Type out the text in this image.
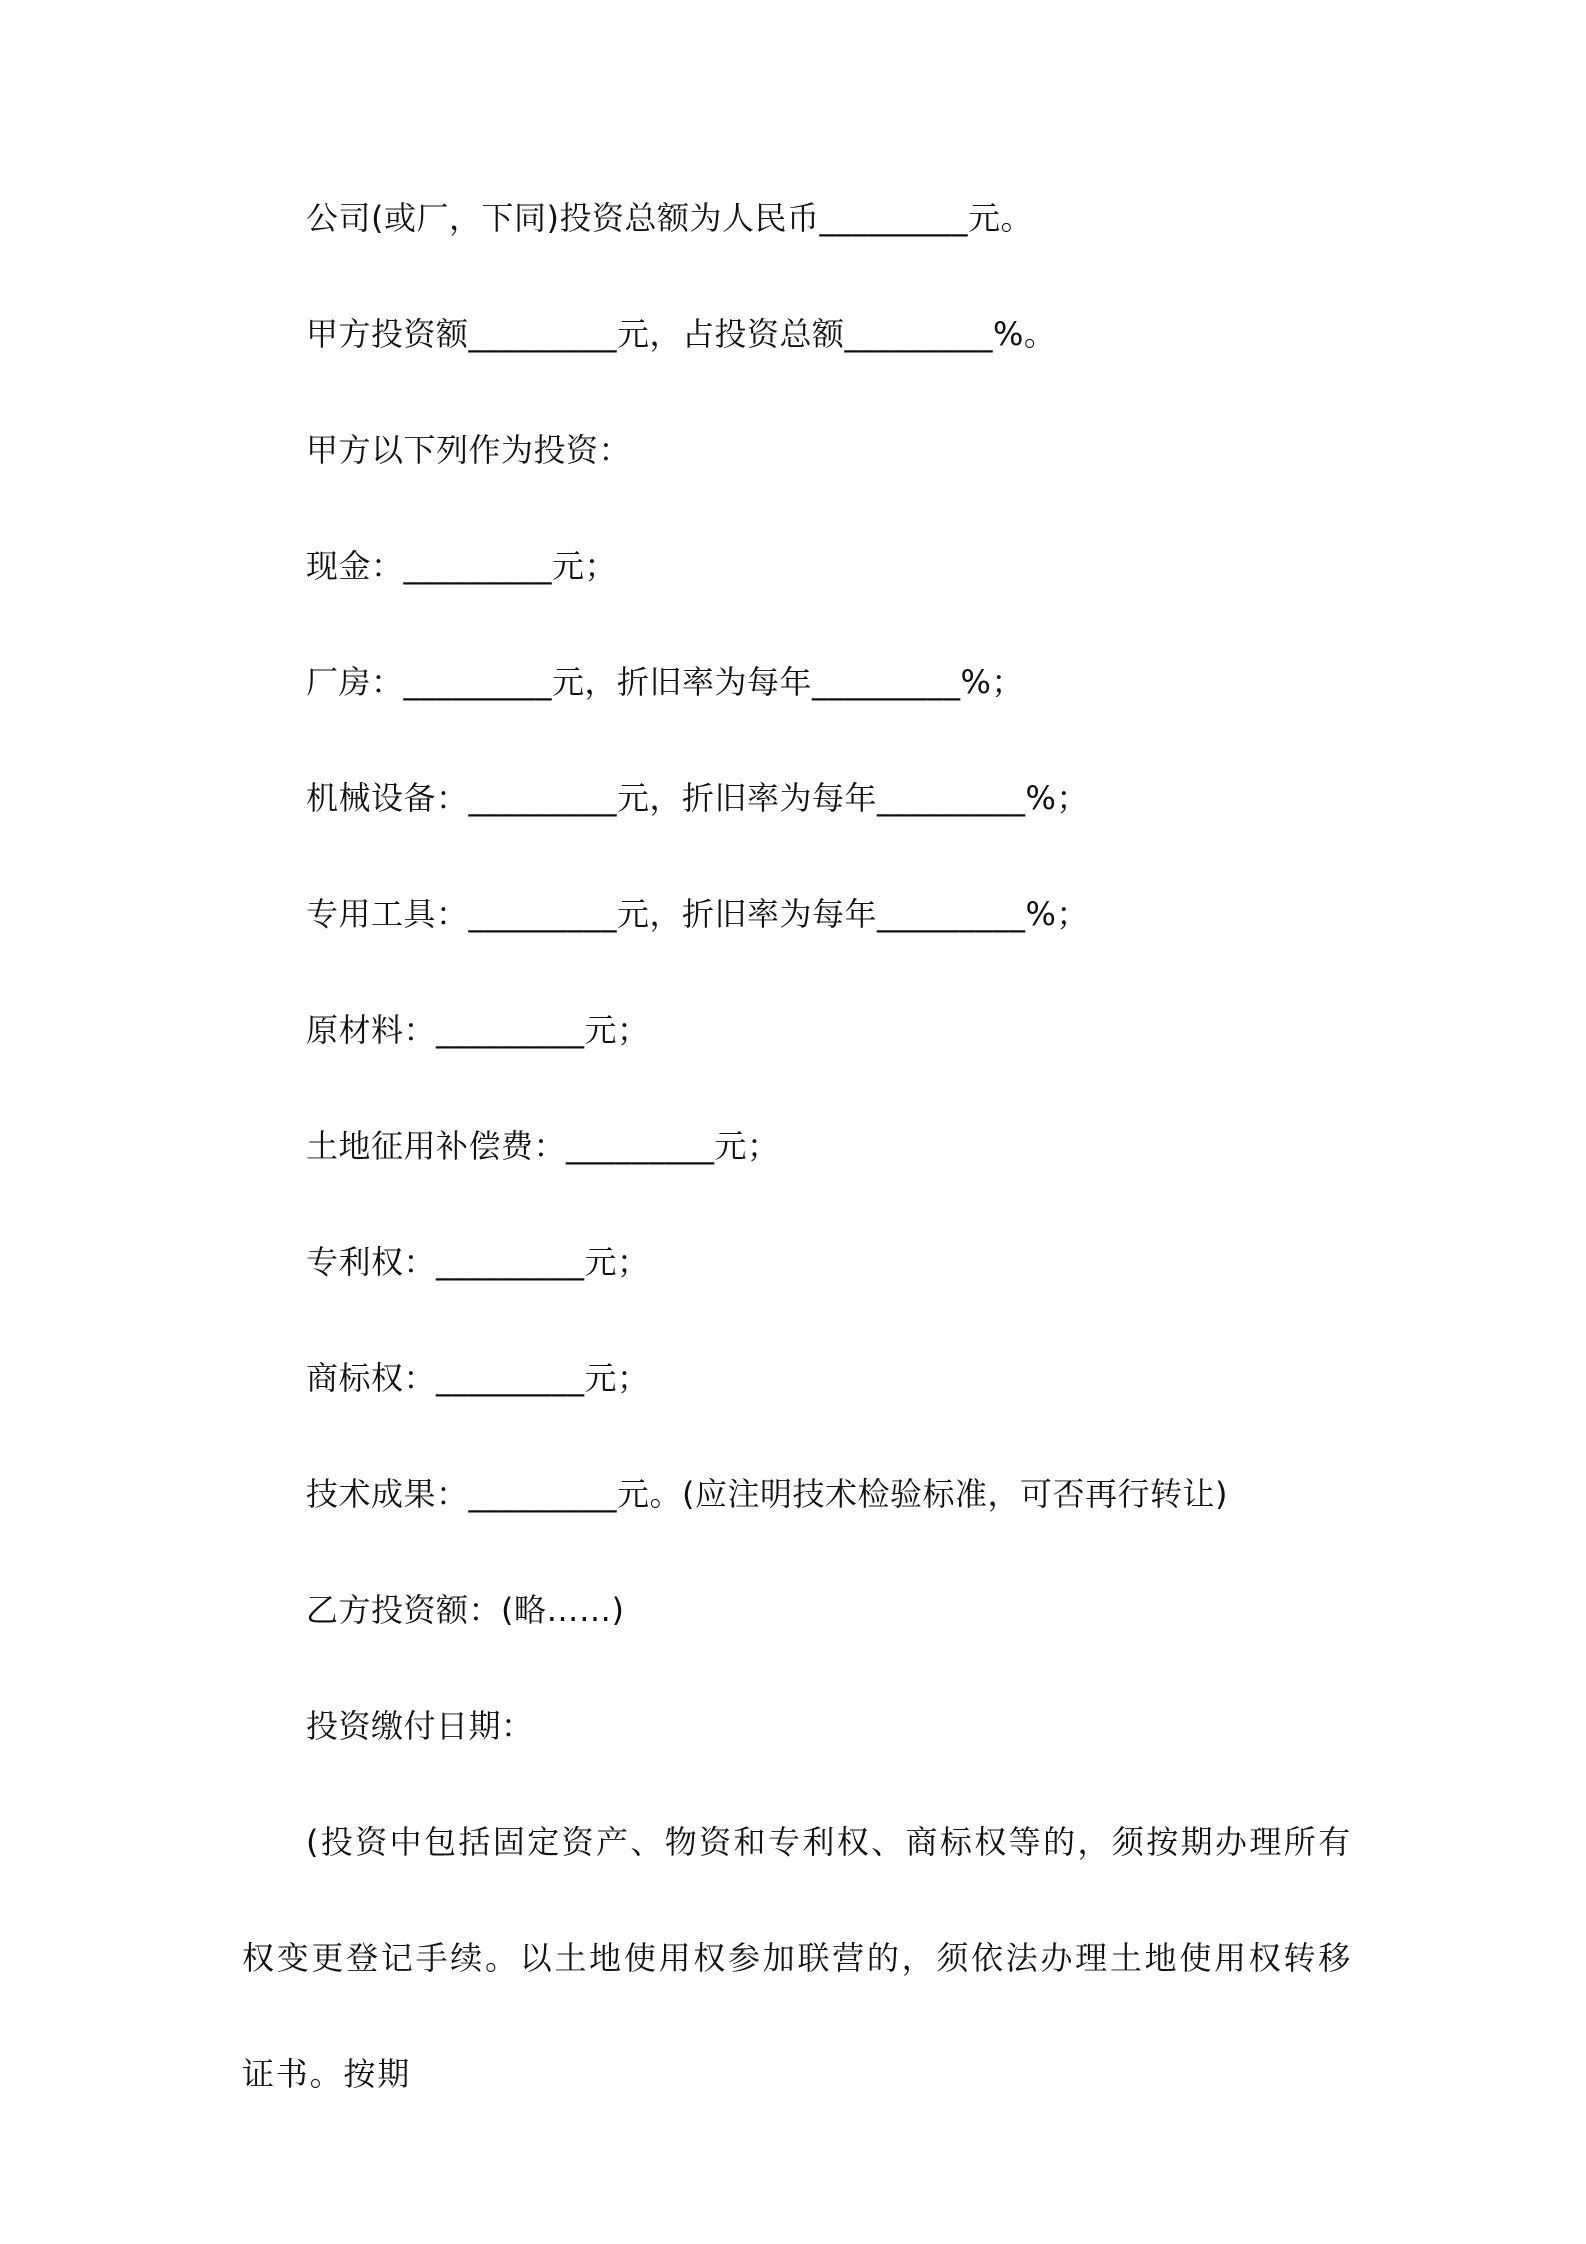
公司(或厂，下同)投资总额为人民币_________元。
甲方投资额_________元，占投资总额_________%。
甲方以下列作为投资：
现金：_________元；
厂房：_________元，折旧率为每年_________%；
机械设备：_________元，折旧率为每年_________%；
专用工具：_________元，折旧率为每年_________%；
原材料：_________元；
土地征用补偿费：_________元；
专利权：_________元；
商标权：_________元；
技术成果：_________元。(应注明技术检验标准，可否再行转让)
乙方投资额：(略……)
投资缴付日期：
(投资中包括固定资产、物资和专利权、商标权等的，须按期办理所有权变更登记手续。以土地使用权参加联营的，须依法办理土地使用权转移证书。按期
